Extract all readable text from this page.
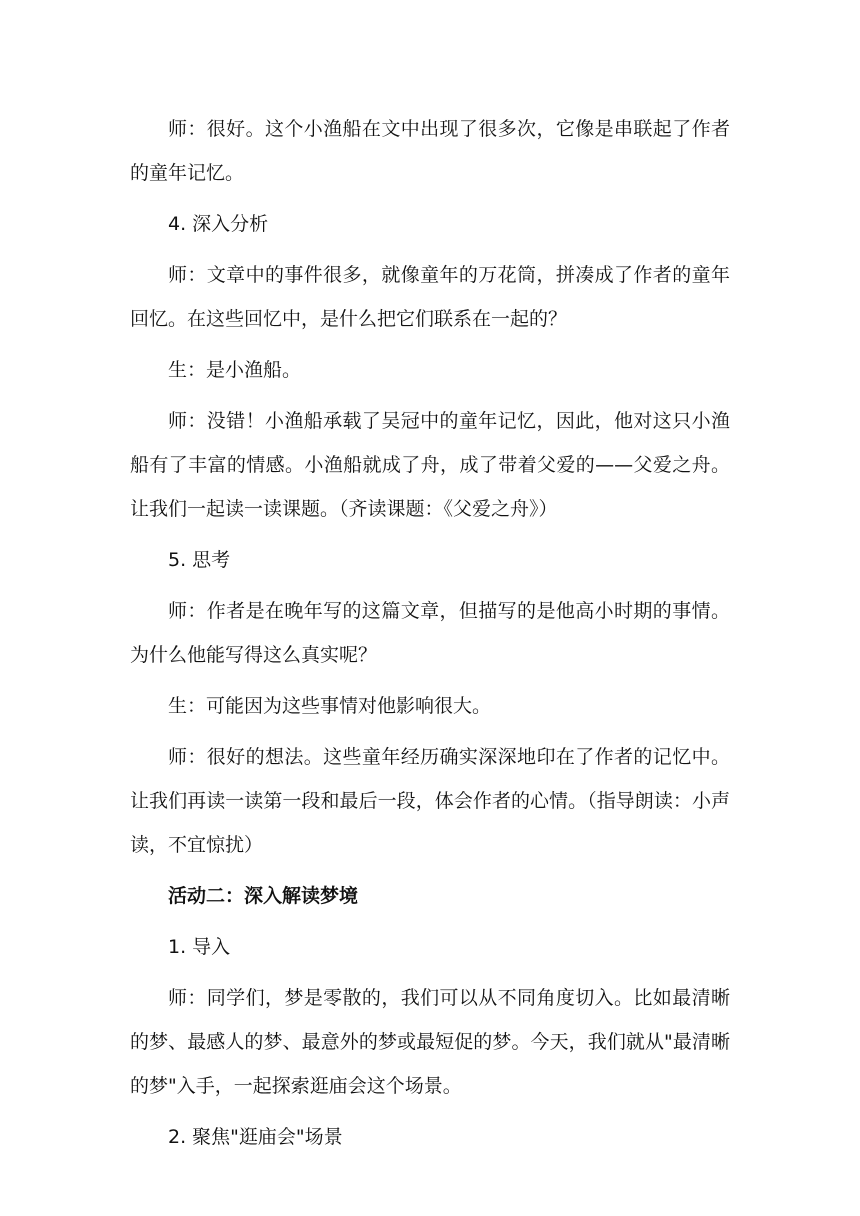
师：很好。这个小渔船在文中出现了很多次，它像是串联起了作者的童年记忆。

4. 深入分析

师：文章中的事件很多，就像童年的万花筒，拼凑成了作者的童年回忆。在这些回忆中，是什么把它们联系在一起的？

生：是小渔船。

师：没错！小渔船承载了吴冠中的童年记忆，因此，他对这只小渔船有了丰富的情感。小渔船就成了舟，成了带着父爱的——父爱之舟。让我们一起读一读课题。（齐读课题：《父爱之舟》）

5. 思考

师：作者是在晚年写的这篇文章，但描写的是他高小时期的事情。为什么他能写得这么真实呢？

生：可能因为这些事情对他影响很大。

师：很好的想法。这些童年经历确实深深地印在了作者的记忆中。让我们再读一读第一段和最后一段，体会作者的心情。（指导朗读：小声读，不宜惊扰）

活动二：深入解读梦境

1. 导入

师：同学们，梦是零散的，我们可以从不同角度切入。比如最清晰的梦、最感人的梦、最意外的梦或最短促的梦。今天，我们就从"最清晰的梦"入手，一起探索逛庙会这个场景。

2. 聚焦"逛庙会"场景
